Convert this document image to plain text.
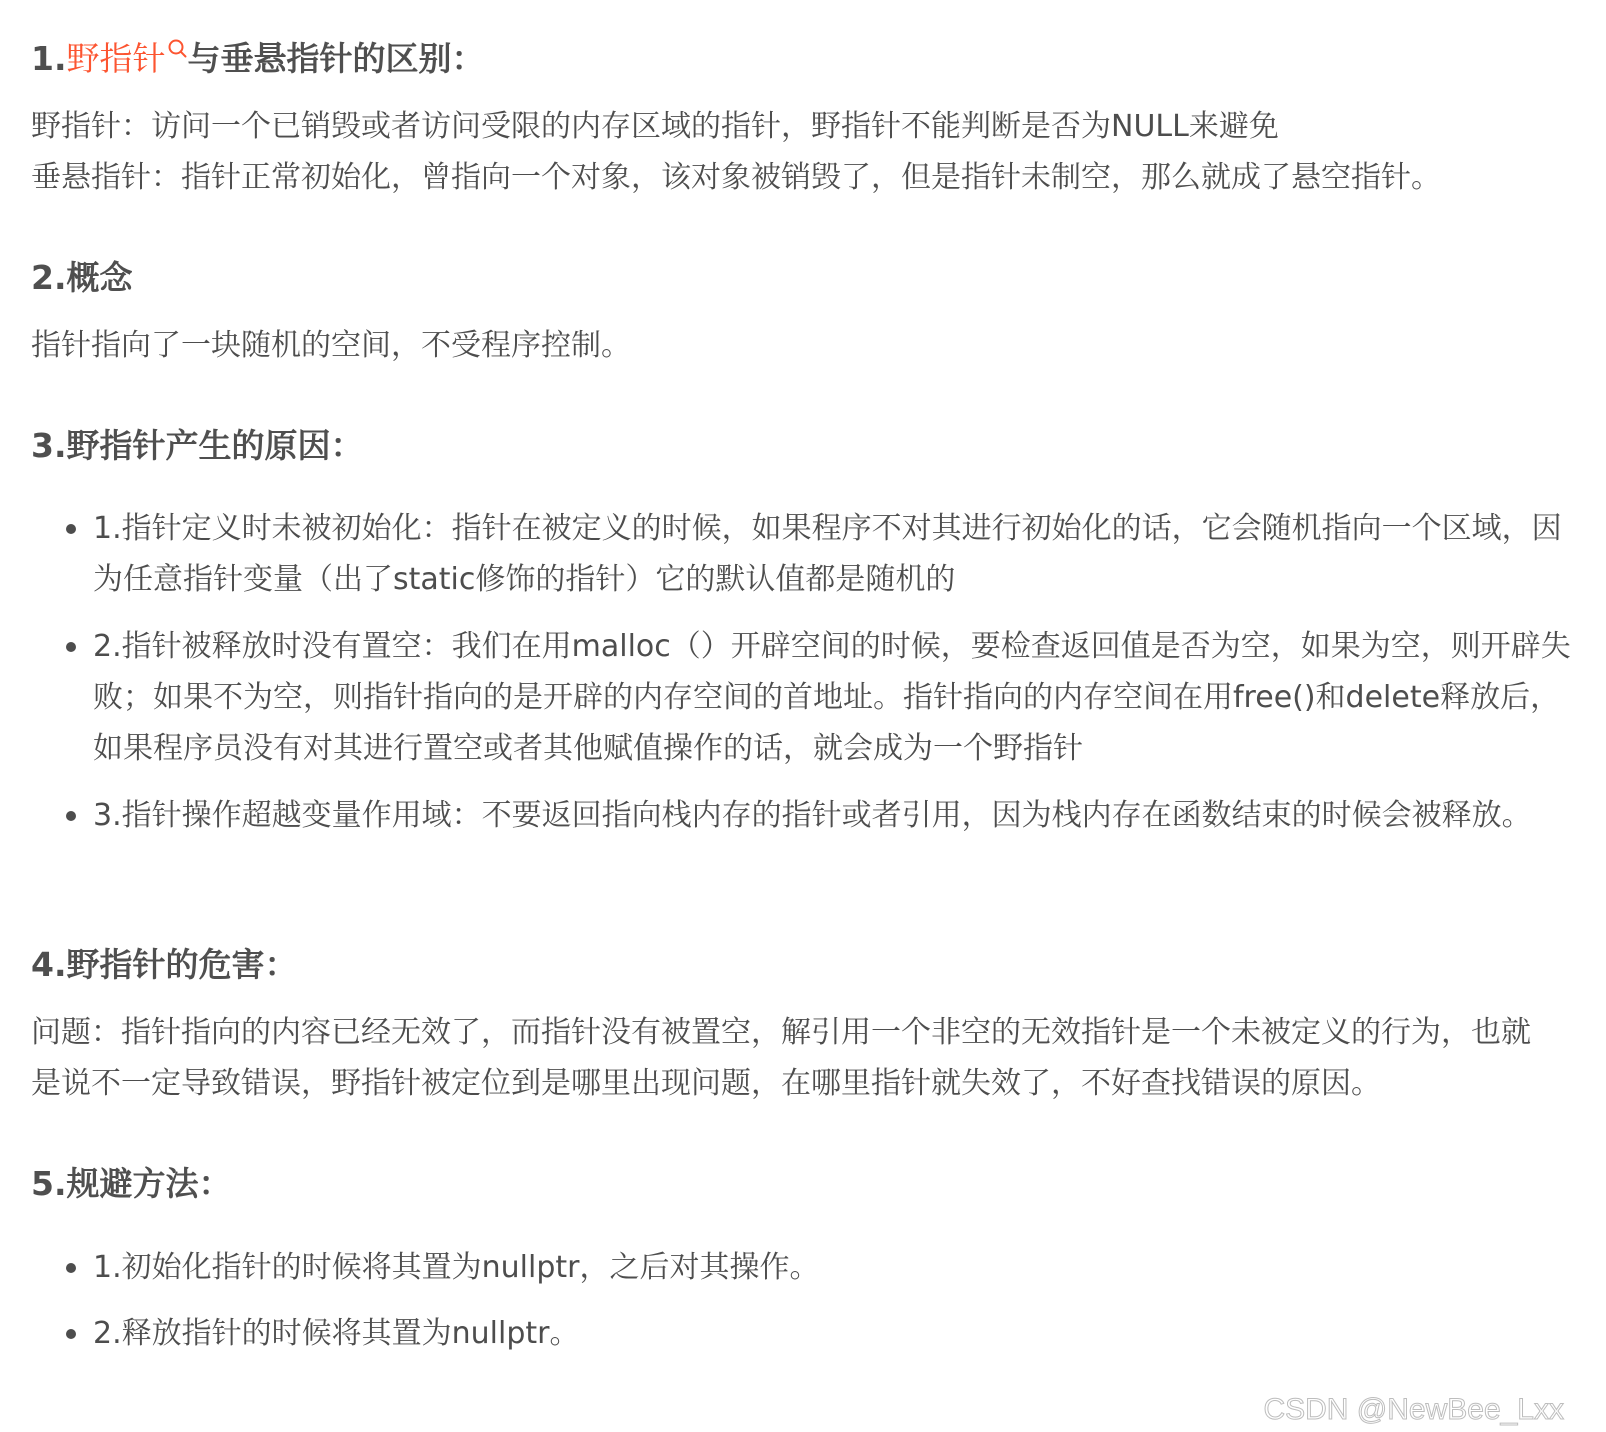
1.野指针 与垂悬指针的区别：

野指针：访问一个已销毁或者访问受限的内存区域的指针，野指针不能判断是否为NULL来避免
垂悬指针：指针正常初始化，曾指向一个对象，该对象被销毁了，但是指针未制空，那么就成了悬空指针。

2.概念

指针指向了一块随机的空间，不受程序控制。

3.野指针产生的原因：
1.指针定义时未被初始化：指针在被定义的时候，如果程序不对其进行初始化的话，它会随机指向一个区域，因为任意指针变量（出了static修饰的指针）它的默认值都是随机的
2.指针被释放时没有置空：我们在用malloc（）开辟空间的时候，要检查返回值是否为空，如果为空，则开辟失败；如果不为空，则指针指向的是开辟的内存空间的首地址。指针指向的内存空间在用free()和delete释放后，如果程序员没有对其进行置空或者其他赋值操作的话，就会成为一个野指针
3.指针操作超越变量作用域：不要返回指向栈内存的指针或者引用，因为栈内存在函数结束的时候会被释放。
4.野指针的危害：

问题：指针指向的内容已经无效了，而指针没有被置空，解引用一个非空的无效指针是一个未被定义的行为，也就是说不一定导致错误，野指针被定位到是哪里出现问题，在哪里指针就失效了，不好查找错误的原因。

5.规避方法：
1.初始化指针的时候将其置为nullptr，之后对其操作。
2.释放指针的时候将其置为nullptr。
CSDN @NewBee_Lxx
